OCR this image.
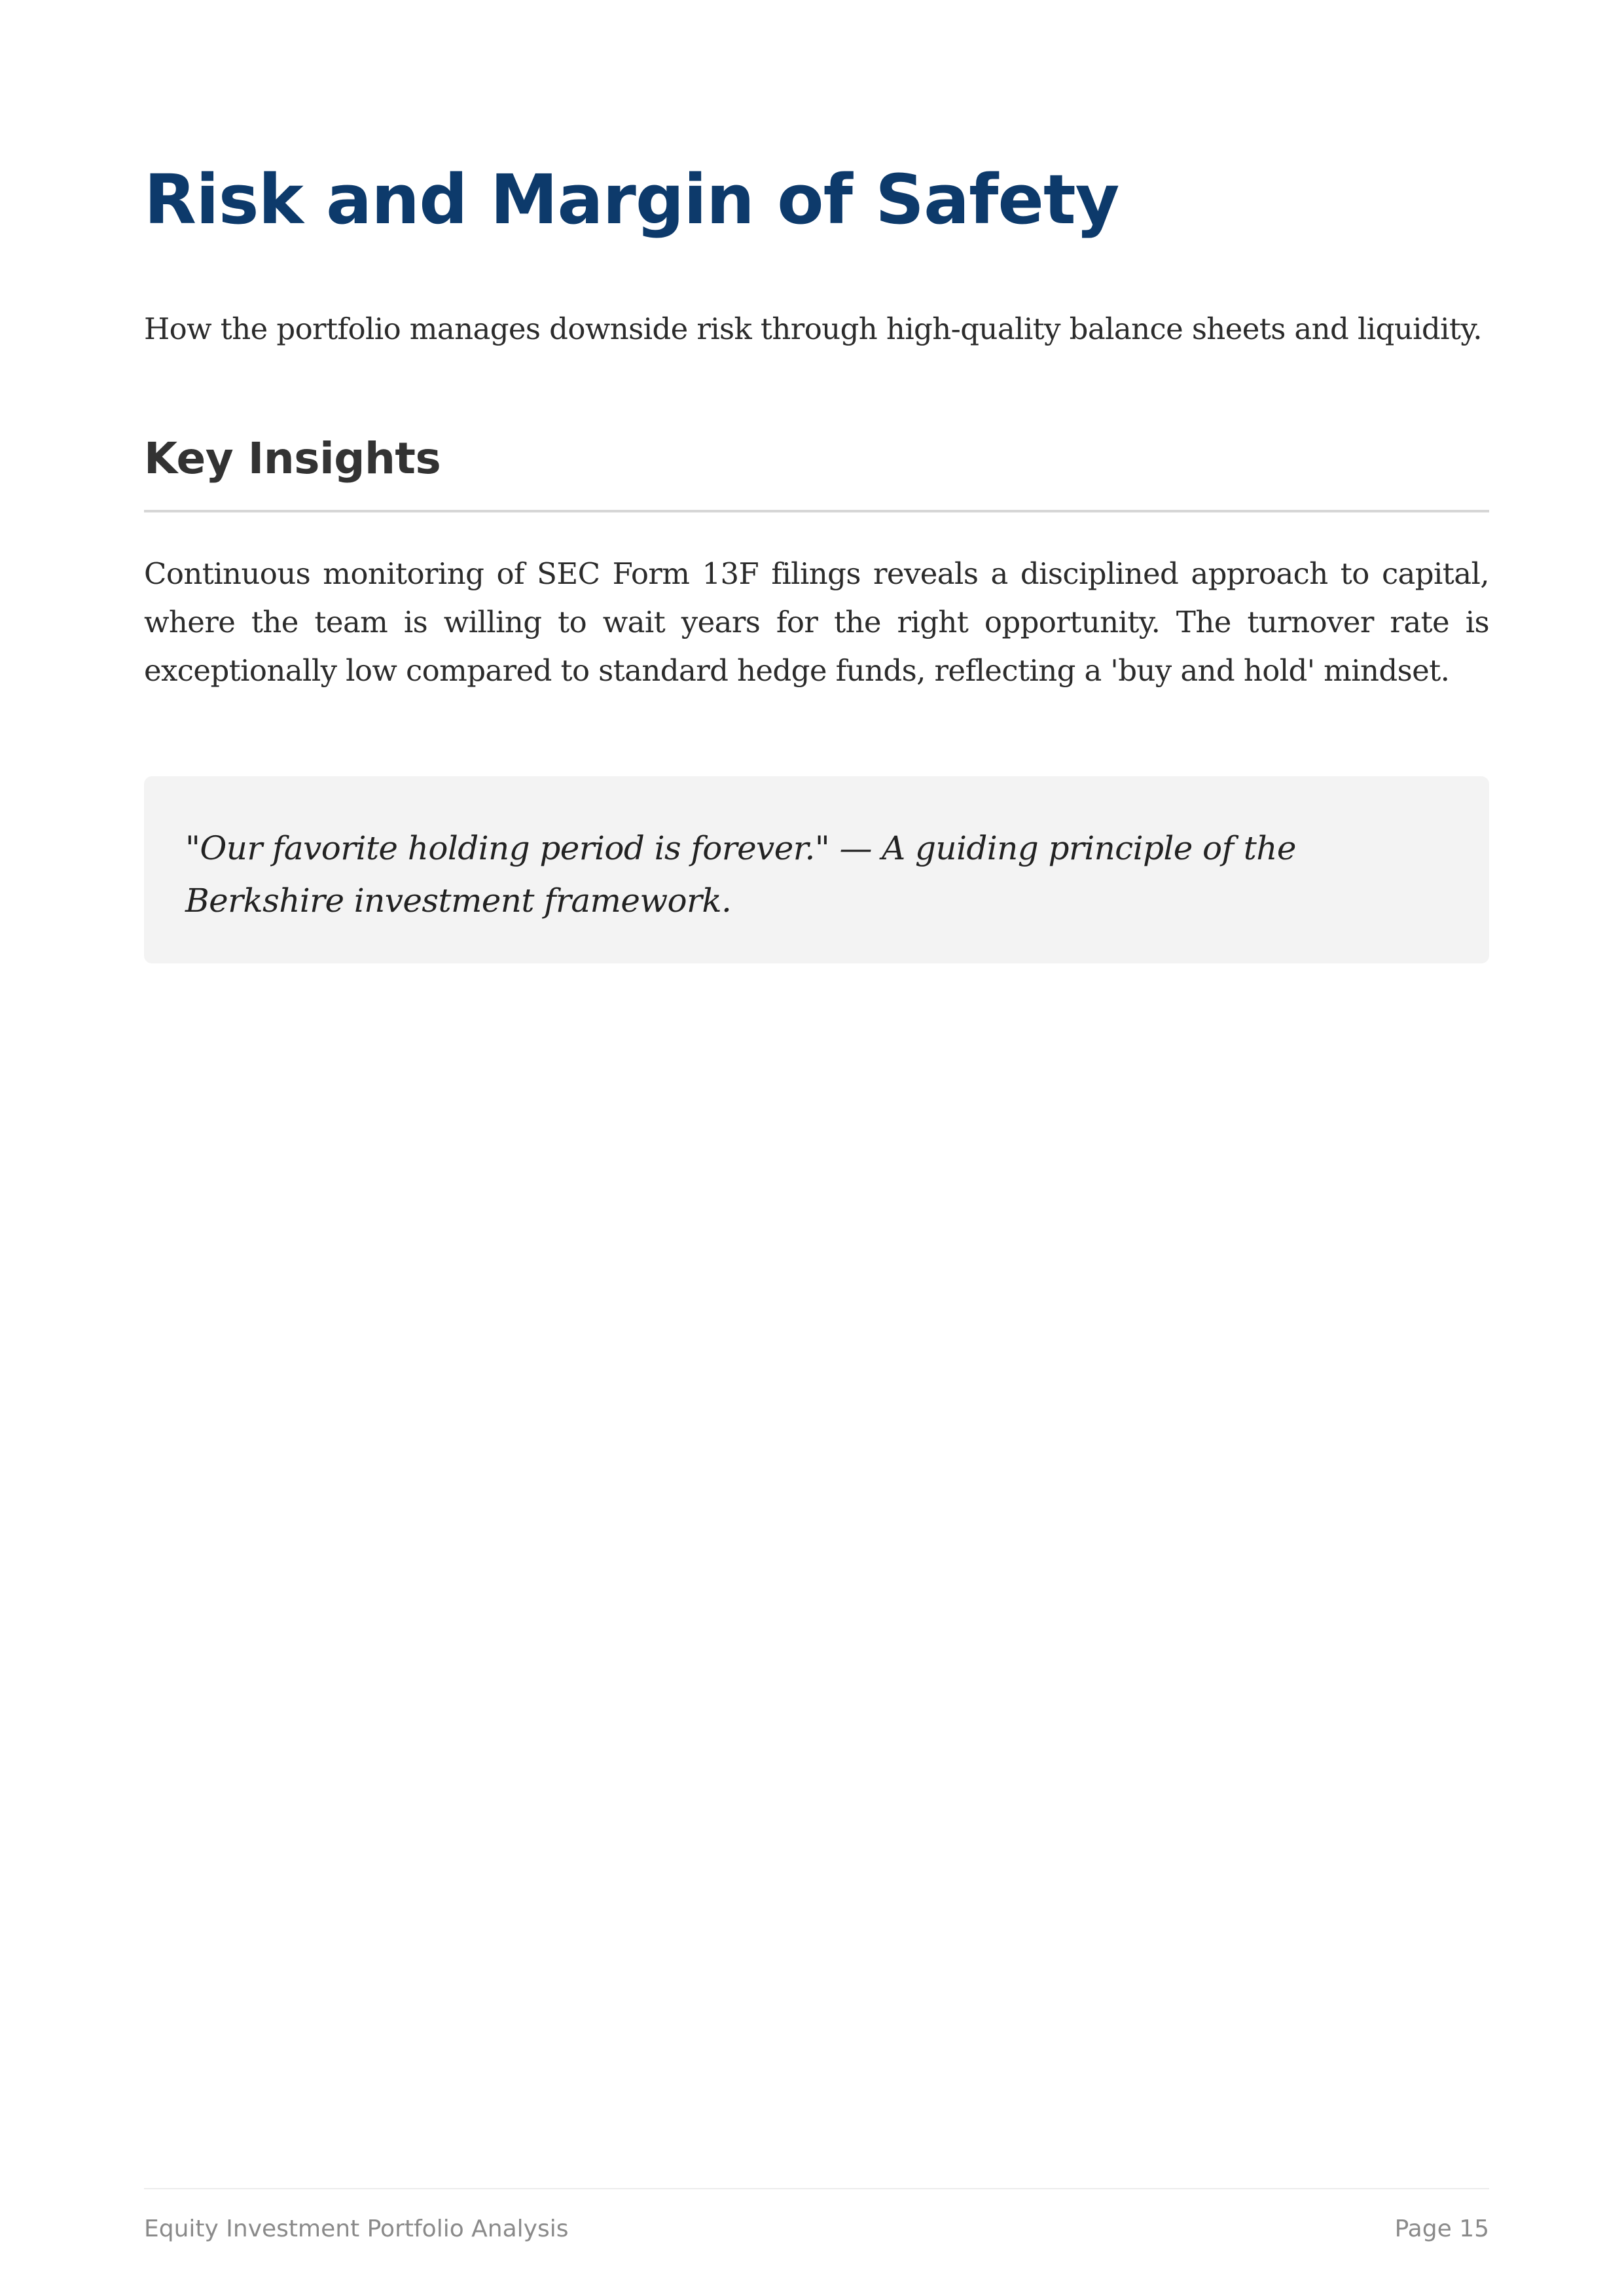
Risk and Margin of Safety

How the portfolio manages downside risk through high-quality balance sheets and liquidity.

Key Insights

Continuous monitoring of SEC Form 13F filings reveals a disciplined approach to capital, where the team is willing to wait years for the right opportunity. The turnover rate is exceptionally low compared to standard hedge funds, reflecting a 'buy and hold' mindset.

"Our favorite holding period is forever." — A guiding principle of the Berkshire investment framework.

Equity Investment Portfolio Analysis	Page 15
